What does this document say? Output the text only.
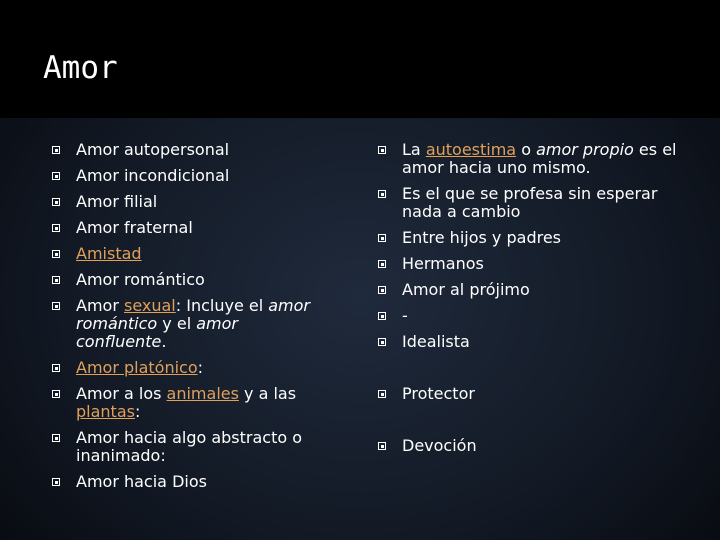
Amor
Amor autopersonal
Amor incondicional
Amor filial
Amor fraternal
Amistad
Amor romántico
Amor sexual: Incluye el amor romántico y el amor confluente.
Amor platónico:
Amor a los animales y a las plantas:
Amor hacia algo abstracto o inanimado:
Amor hacia Dios
La autoestima o amor propio es el amor hacia uno mismo.
Es el que se profesa sin esperar nada a cambio
Entre hijos y padres
Hermanos
Amor al prójimo
-
Idealista
Protector
Devoción
